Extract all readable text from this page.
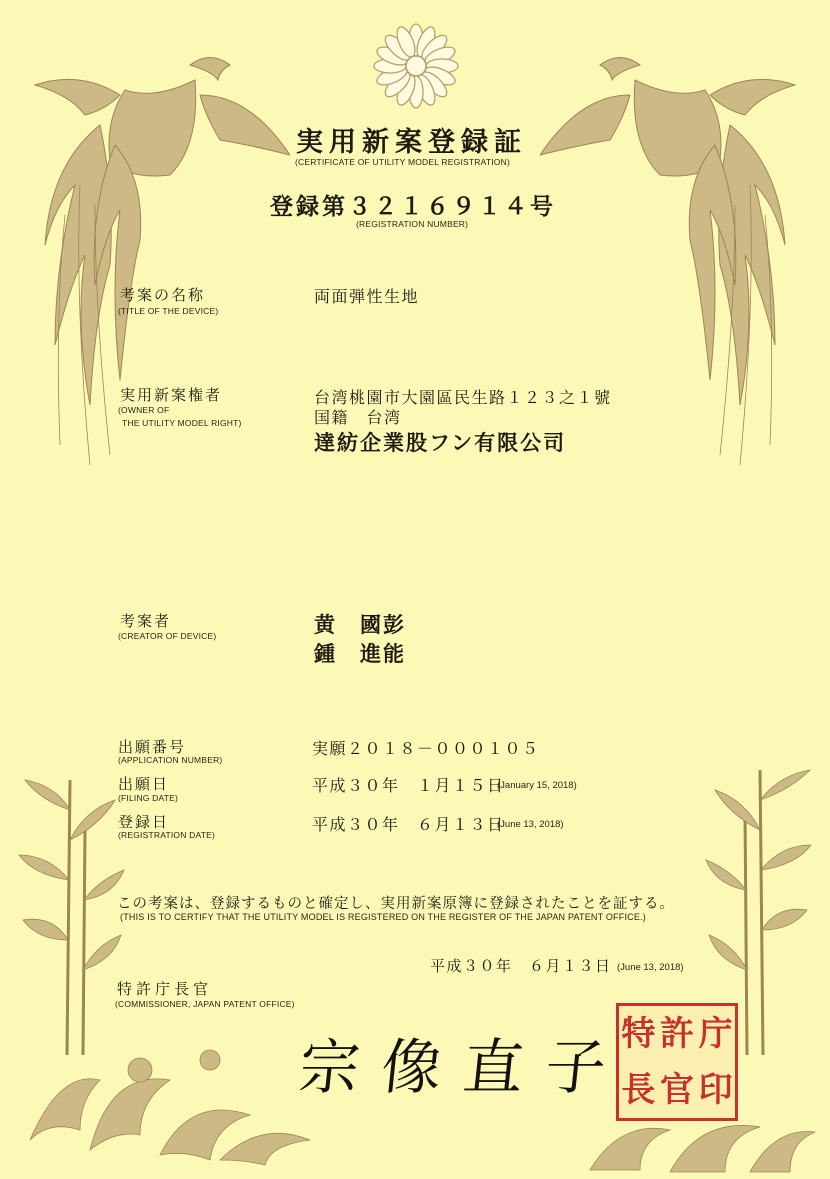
実用新案登録証
(CERTIFICATE OF UTILITY MODEL REGISTRATION)
登録第３２１６９１４号
(REGISTRATION NUMBER)
考案の名称
(TITLE OF THE DEVICE)
両面弾性生地
実用新案権者
(OWNER OF
THE UTILITY MODEL RIGHT)
台湾桃園市大園區民生路１２３之１號
国籍　台湾
達紡企業股フン有限公司
考案者
(CREATOR OF DEVICE)	黄　國彭
鍾　進能
出願番号
(APPLICATION NUMBER)
実願２０１８－０００１０５
出願日
(FILING DATE)
平成３０年　１月１５日
(January 15, 2018)
登録日
(REGISTRATION DATE)
平成３０年　６月１３日
(June 13, 2018)
この考案は、登録するものと確定し、実用新案原簿に登録されたことを証する。
(THIS IS TO CERTIFY THAT THE UTILITY MODEL IS REGISTERED ON THE REGISTER OF THE JAPAN PATENT OFFICE.)
平成３０年　６月１３日 (June 13, 2018)
特許庁長官
(COMMISSIONER, JAPAN PATENT OFFICE)
宗像直子
特 許 庁
長 官 印
